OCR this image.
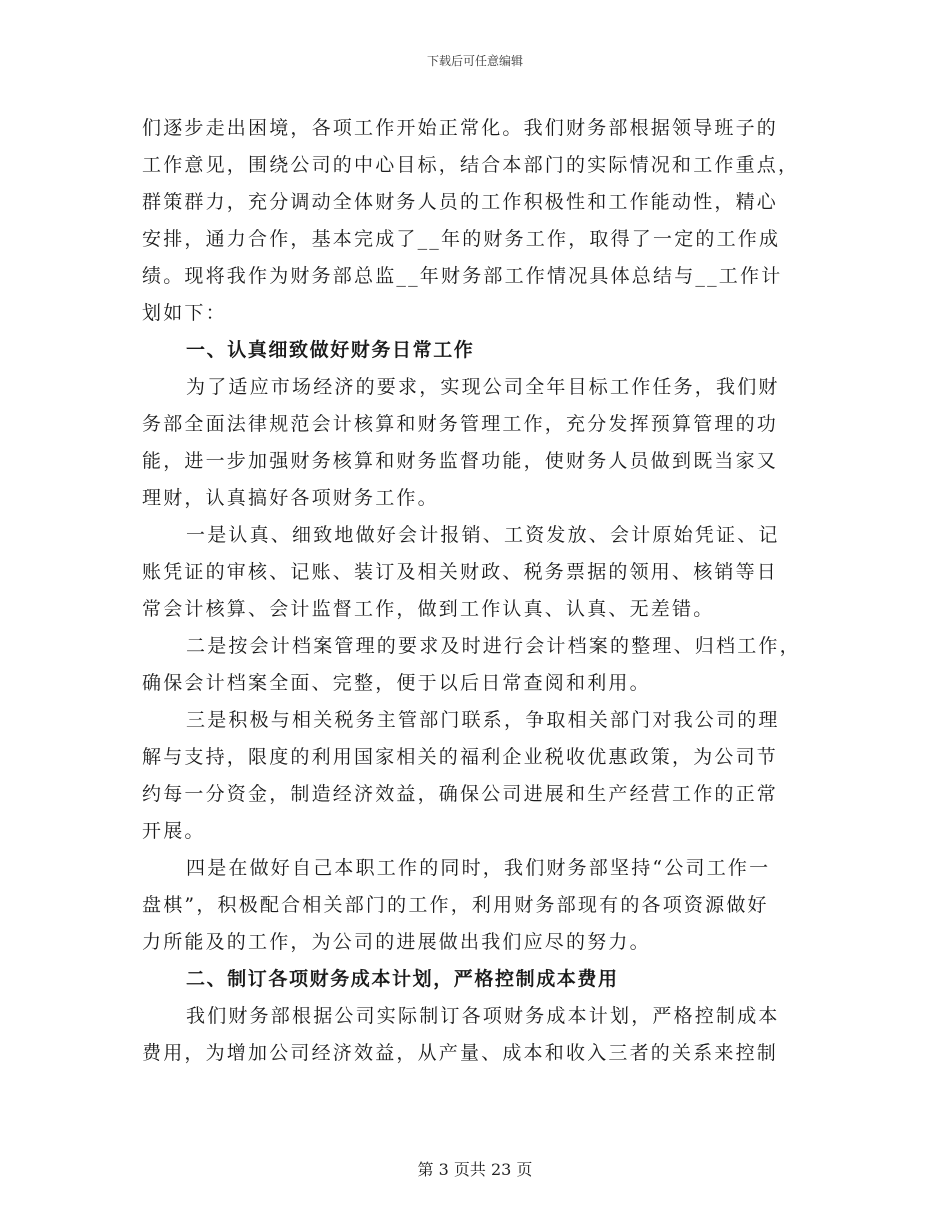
下载后可任意编辑
们逐步走出困境，各项工作开始正常化。我们财务部根据领导班子的
工作意见，围绕公司的中心目标，结合本部门的实际情况和工作重点，
群策群力，充分调动全体财务人员的工作积极性和工作能动性，精心
安排，通力合作，基本完成了__年的财务工作，取得了一定的工作成
绩。现将我作为财务部总监__年财务部工作情况具体总结与__工作计
划如下：
一、认真细致做好财务日常工作
为了适应市场经济的要求，实现公司全年目标工作任务，我们财
务部全面法律规范会计核算和财务管理工作，充分发挥预算管理的功
能，进一步加强财务核算和财务监督功能，使财务人员做到既当家又
理财，认真搞好各项财务工作。
一是认真、细致地做好会计报销、工资发放、会计原始凭证、记
账凭证的审核、记账、装订及相关财政、税务票据的领用、核销等日
常会计核算、会计监督工作，做到工作认真、认真、无差错。
二是按会计档案管理的要求及时进行会计档案的整理、归档工作，
确保会计档案全面、完整，便于以后日常查阅和利用。
三是积极与相关税务主管部门联系，争取相关部门对我公司的理
解与支持，限度的利用国家相关的福利企业税收优惠政策，为公司节
约每一分资金，制造经济效益，确保公司进展和生产经营工作的正常
开展。
四是在做好自己本职工作的同时，我们财务部坚持“公司工作一
盘棋”，积极配合相关部门的工作，利用财务部现有的各项资源做好
力所能及的工作，为公司的进展做出我们应尽的努力。
二、制订各项财务成本计划，严格控制成本费用
我们财务部根据公司实际制订各项财务成本计划，严格控制成本
费用，为增加公司经济效益，从产量、成本和收入三者的关系来控制
第 3 页共 23 页
